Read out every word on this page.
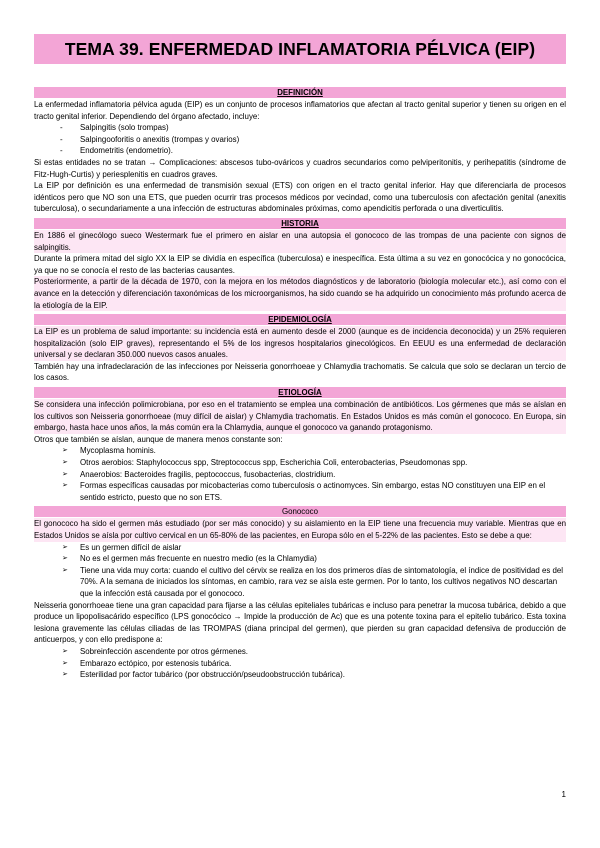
TEMA 39. ENFERMEDAD INFLAMATORIA PÉLVICA (EIP)
DEFINICIÓN

La enfermedad inflamatoria pélvica aguda (EIP) es un conjunto de procesos inflamatorios que afectan al tracto genital superior y tienen su origen en el tracto genital inferior. Dependiendo del órgano afectado, incluye:

- Salpingitis (solo trompas)

- Salpingooforitis o anexitis (trompas y ovarios)

- Endometritis (endometrio).

Si estas entidades no se tratan → Complicaciones: abscesos tubo-ováricos y cuadros secundarios como pelviperitonitis, y perihepatitis (síndrome de Fitz-Hugh-Curtis) y periesplenitis en cuadros graves.

La EIP por definición es una enfermedad de transmisión sexual (ETS) con origen en el tracto genital inferior. Hay que diferenciarla de procesos idénticos pero que NO son una ETS, que pueden ocurrir tras procesos médicos por vecindad, como una tuberculosis con afectación genital (anexitis tuberculosa), o secundariamente a una infección de estructuras abdominales próximas, como apendicitis perforada o una diverticulitis.

HISTORIA

En 1886 el ginecólogo sueco Westermark fue el primero en aislar en una autopsia el gonococo de las trompas de una paciente con signos de salpingitis.

Durante la primera mitad del siglo XX la EIP se dividía en específica (tuberculosa) e inespecífica. Esta última a su vez en gonocócica y no gonocócica, ya que no se conocía el resto de las bacterias causantes.

Posteriormente, a partir de la década de 1970, con la mejora en los métodos diagnósticos y de laboratorio (biología molecular etc.), así como con el avance en la detección y diferenciación taxonómicas de los microorganismos, ha sido cuando se ha adquirido un conocimiento más profundo acerca de la etiología de la EIP.

EPIDEMIOLOGÍA

La EIP es un problema de salud importante: su incidencia está en aumento desde el 2000 (aunque es de incidencia deconocida) y un 25% requieren hospitalización (solo EIP graves), representando el 5% de los ingresos hospitalarios ginecológicos. En EEUU es una enfermedad de declaración universal y se declaran 350.000 nuevos casos anuales.

También hay una infradeclaración de las infecciones por Neisseria gonorrhoeae y Chlamydia trachomatis. Se calcula que solo se declaran un tercio de los casos.

ETIOLOGÍA

Se considera una infección polimicrobiana, por eso en el tratamiento se emplea una combinación de antibióticos. Los gérmenes que más se aíslan en los cultivos son Neisseria gonorrhoeae (muy difícil de aislar) y Chlamydia trachomatis. En Estados Unidos es más común el gonococo. En Europa, sin embargo, hasta hace unos años, la más común era la Chlamydia, aunque el gonococo va ganando protagonismo.

Otros que también se aíslan, aunque de manera menos constante son:

➢ Mycoplasma hominis.

➢ Otros aerobios: Staphylococcus spp, Streptococcus spp, Escherichia Coli, enterobacterias, Pseudomonas spp.

➢ Anaerobios: Bacteroides fragilis, peptococcus, fusobacterias, clostridium.

➢ Formas específicas causadas por micobacterias como tuberculosis o actinomyces. Sin embargo, estas NO constituyen una EIP en el sentido estricto, puesto que no son ETS.

Gonococo

El gonococo ha sido el germen más estudiado (por ser más conocido) y su aislamiento en la EIP tiene una frecuencia muy variable. Mientras que en Estados Unidos se aísla por cultivo cervical en un 65-80% de las pacientes, en Europa sólo en el 5-22% de las pacientes. Esto se debe a que:

➢ Es un germen difícil de aislar

➢ No es el germen más frecuente en nuestro medio (es la Chlamydia)

➢ Tiene una vida muy corta: cuando el cultivo del cérvix se realiza en los dos primeros días de sintomatología, el índice de positividad es del 70%. A la semana de iniciados los síntomas, en cambio, rara vez se aísla este germen. Por lo tanto, los cultivos negativos NO descartan que la infección está causada por el gonococo.

Neisseria gonorrhoeae tiene una gran capacidad para fijarse a las células epiteliales tubáricas e incluso para penetrar la mucosa tubárica, debido a que produce un lipopolisacárido específico (LPS gonocócico → Impide la producción de Ac) que es una potente toxina para el epitelio tubárico. Esta toxina lesiona gravemente las células ciliadas de las TROMPAS (diana principal del germen), que pierden su gran capacidad defensiva de producción de anticuerpos, y con ello predispone a:

➢ Sobreinfección ascendente por otros gérmenes.

➢ Embarazo ectópico, por estenosis tubárica.

➢ Esterilidad por factor tubárico (por obstrucción/pseudoobstrucción tubárica).

1
